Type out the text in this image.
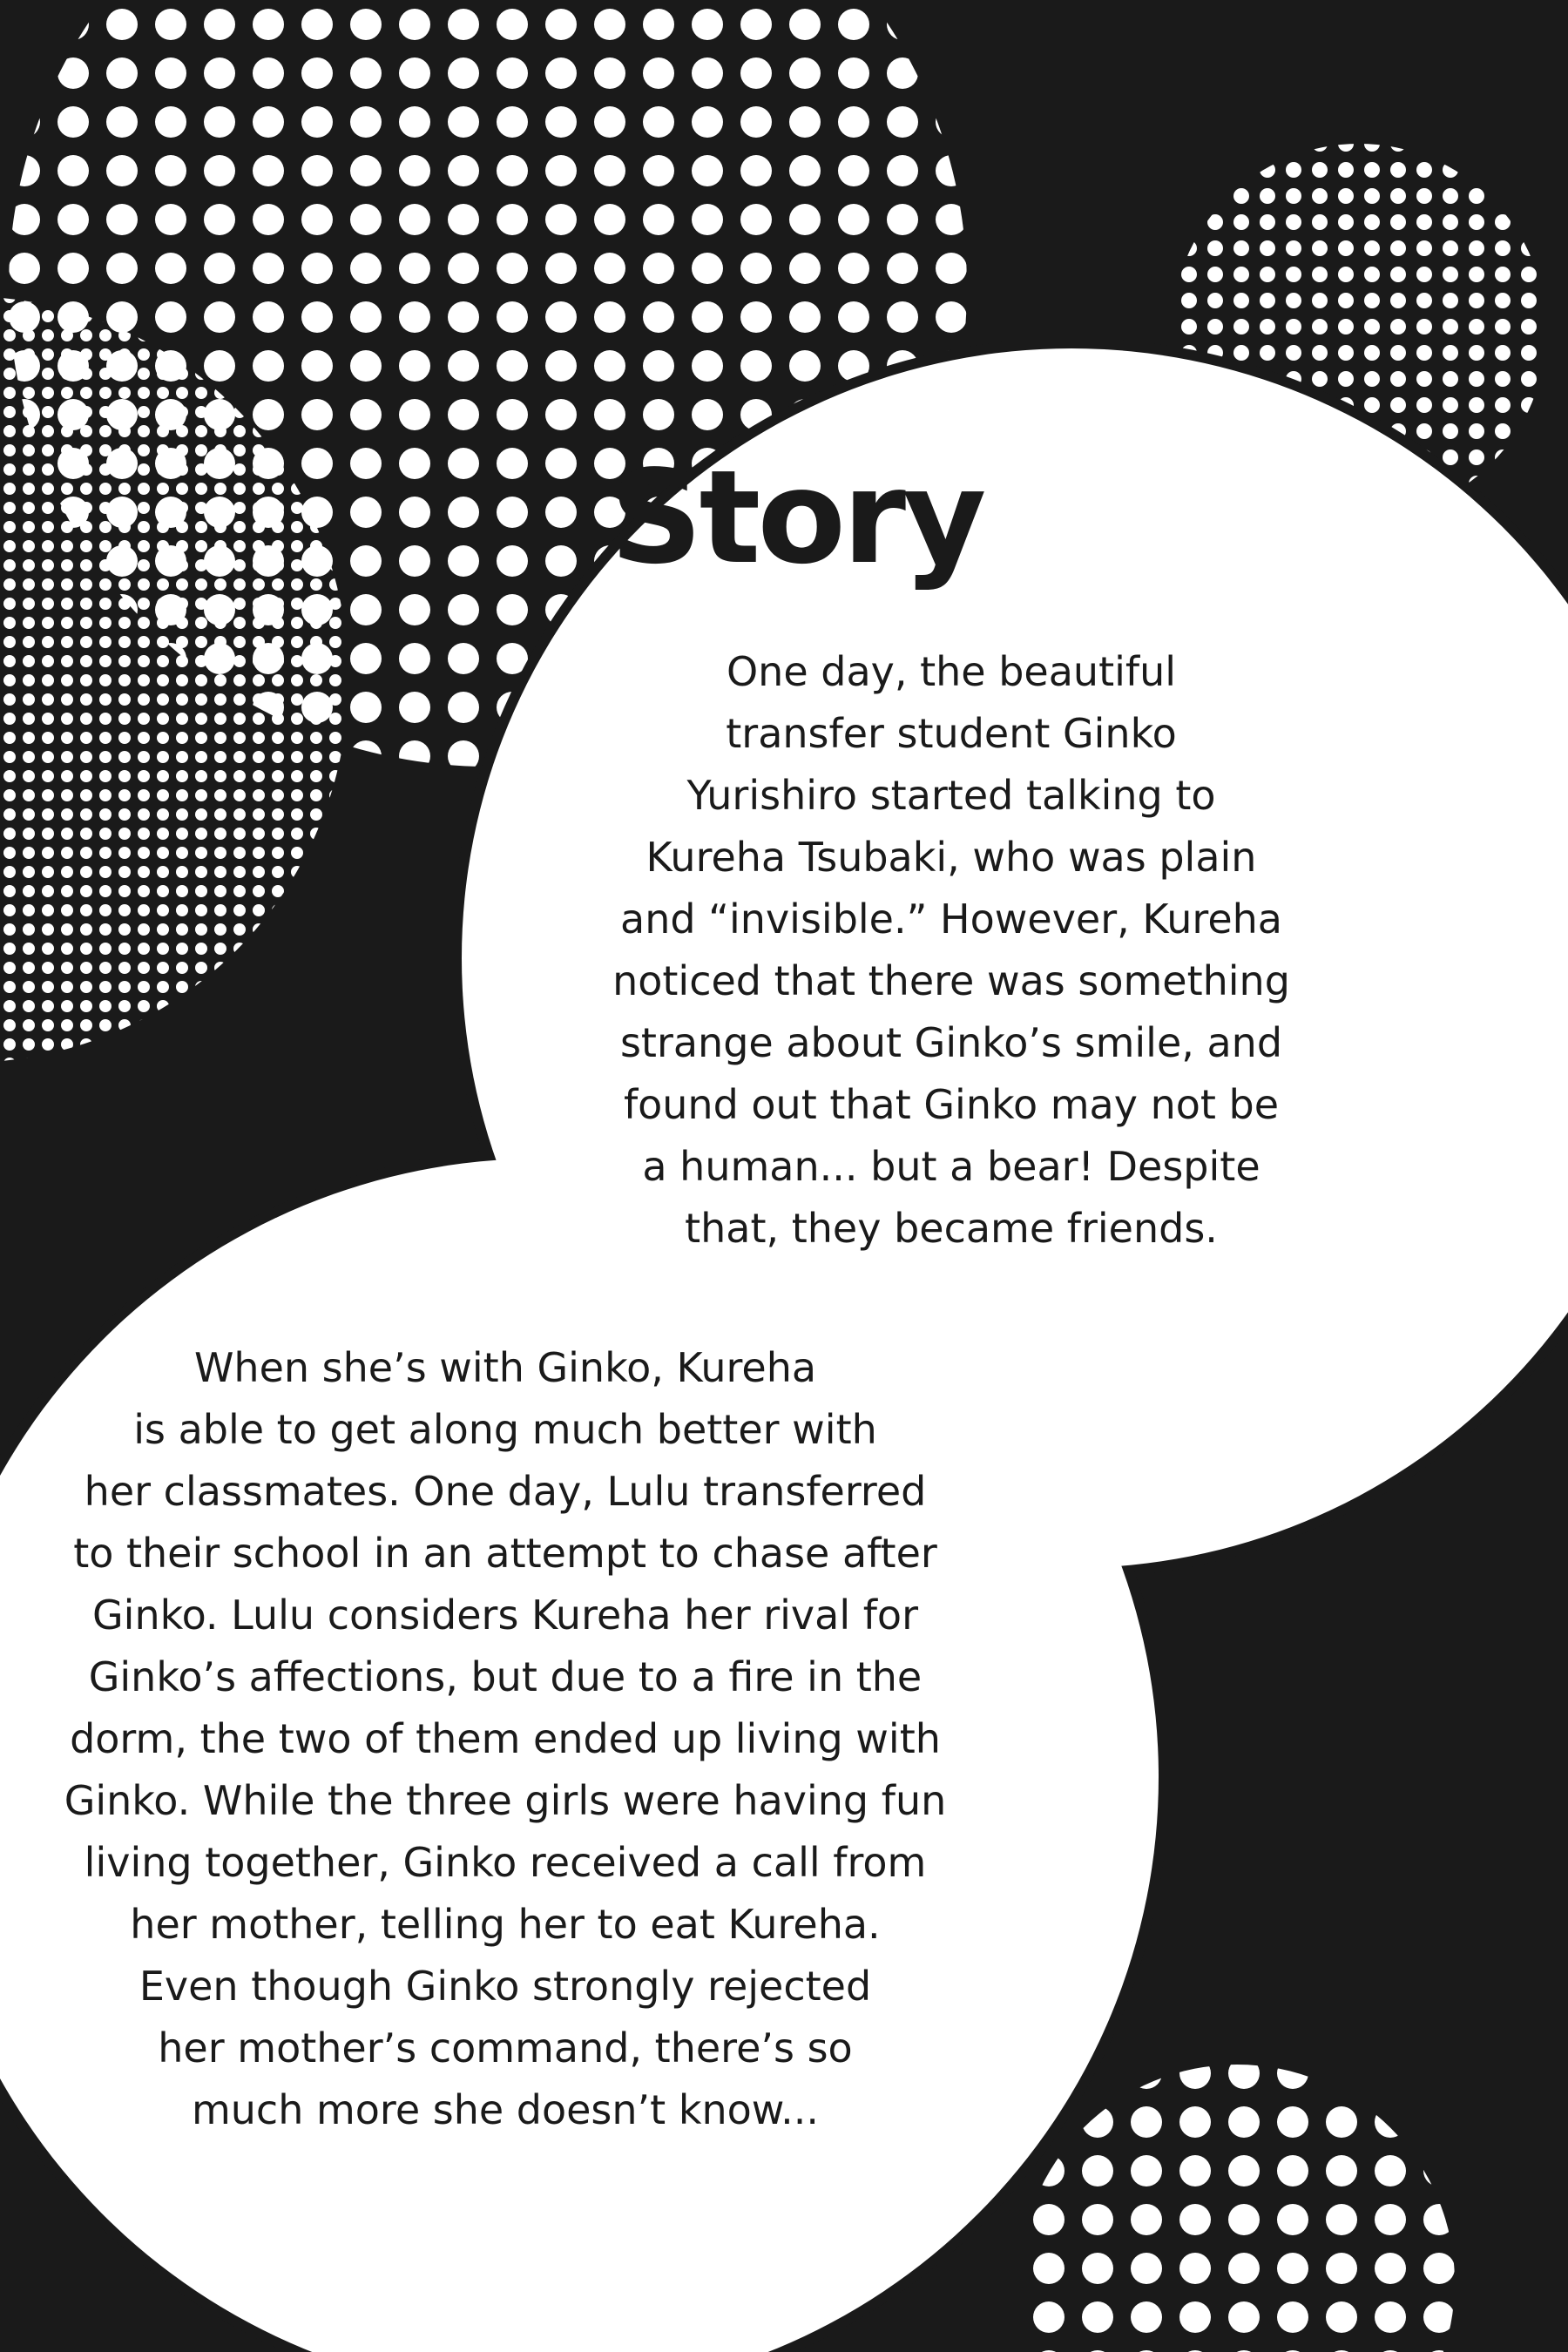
Story
One day, the beautiful
transfer student Ginko
Yurishiro started talking to
Kureha Tsubaki, who was plain
and “invisible.” However, Kureha
noticed that there was something
strange about Ginko’s smile, and
found out that Ginko may not be
a human... but a bear! Despite
that, they became friends.
When she’s with Ginko, Kureha
is able to get along much better with
her classmates. One day, Lulu transferred
to their school in an attempt to chase after
Ginko. Lulu considers Kureha her rival for
Ginko’s affections, but due to a fire in the
dorm, the two of them ended up living with
Ginko. While the three girls were having fun
living together, Ginko received a call from
her mother, telling her to eat Kureha.
Even though Ginko strongly rejected
her mother’s command, there’s so
much more she doesn’t know...
